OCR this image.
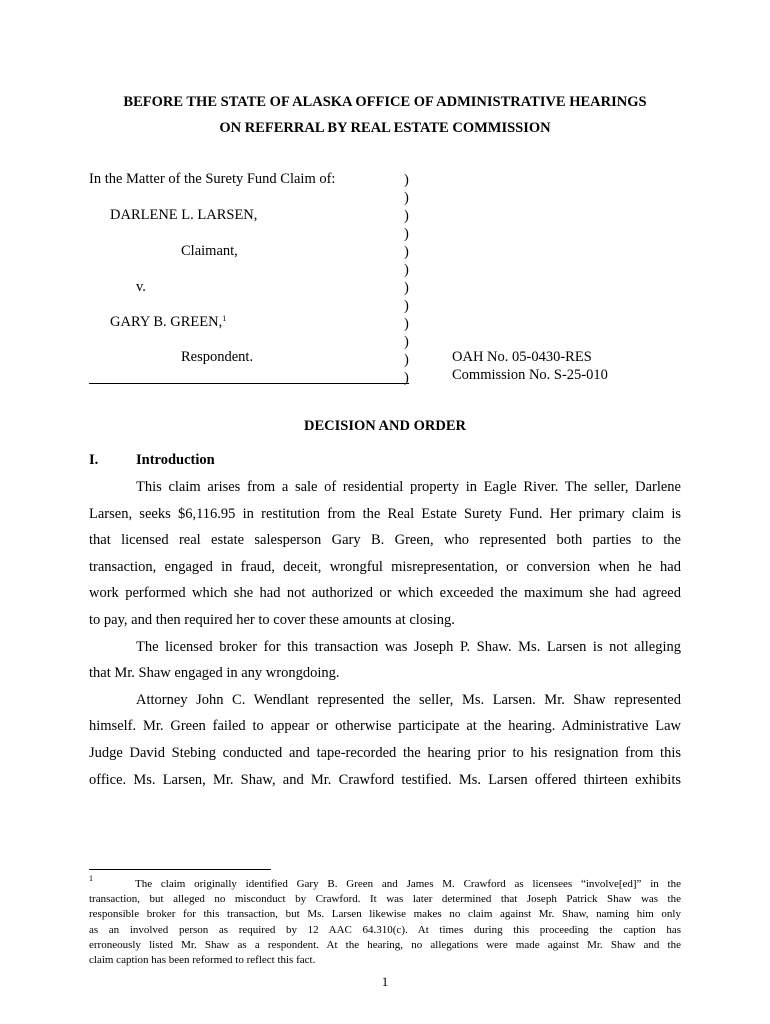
BEFORE THE STATE OF ALASKA OFFICE OF ADMINISTRATIVE HEARINGS
ON REFERRAL BY REAL ESTATE COMMISSION
In the Matter of the Surety Fund Claim of:
DARLENE L. LARSEN,
Claimant,
v.
GARY B. GREEN,$^1$
Respondent.
)
)
)
)
)
)
)
)
)
)
)
)
OAH No. 05-0430-RES
Commission No. S-25-010
DECISION AND ORDER
I.	Introduction
This claim arises from a sale of residential property in Eagle River. The seller, Darlene
Larsen, seeks $6,116.95 in restitution from the Real Estate Surety Fund. Her primary claim is
that licensed real estate salesperson Gary B. Green, who represented both parties to the
transaction, engaged in fraud, deceit, wrongful misrepresentation, or conversion when he had
work performed which she had not authorized or which exceeded the maximum she had agreed
to pay, and then required her to cover these amounts at closing.
The licensed broker for this transaction was Joseph P. Shaw. Ms. Larsen is not alleging
that Mr. Shaw engaged in any wrongdoing.
Attorney John C. Wendlant represented the seller, Ms. Larsen. Mr. Shaw represented
himself. Mr. Green failed to appear or otherwise participate at the hearing. Administrative Law
Judge David Stebing conducted and tape-recorded the hearing prior to his resignation from this
office. Ms. Larsen, Mr. Shaw, and Mr. Crawford testified. Ms. Larsen offered thirteen exhibits
1	The claim originally identified Gary B. Green and James M. Crawford as licensees “involve[ed]” in the
transaction, but alleged no misconduct by Crawford. It was later determined that Joseph Patrick Shaw was the
responsible broker for this transaction, but Ms. Larsen likewise makes no claim against Mr. Shaw, naming him only
as an involved person as required by 12 AAC 64.310(c). At times during this proceeding the caption has
erroneously listed Mr. Shaw as a respondent. At the hearing, no allegations were made against Mr. Shaw and the
claim caption has been reformed to reflect this fact.
1
